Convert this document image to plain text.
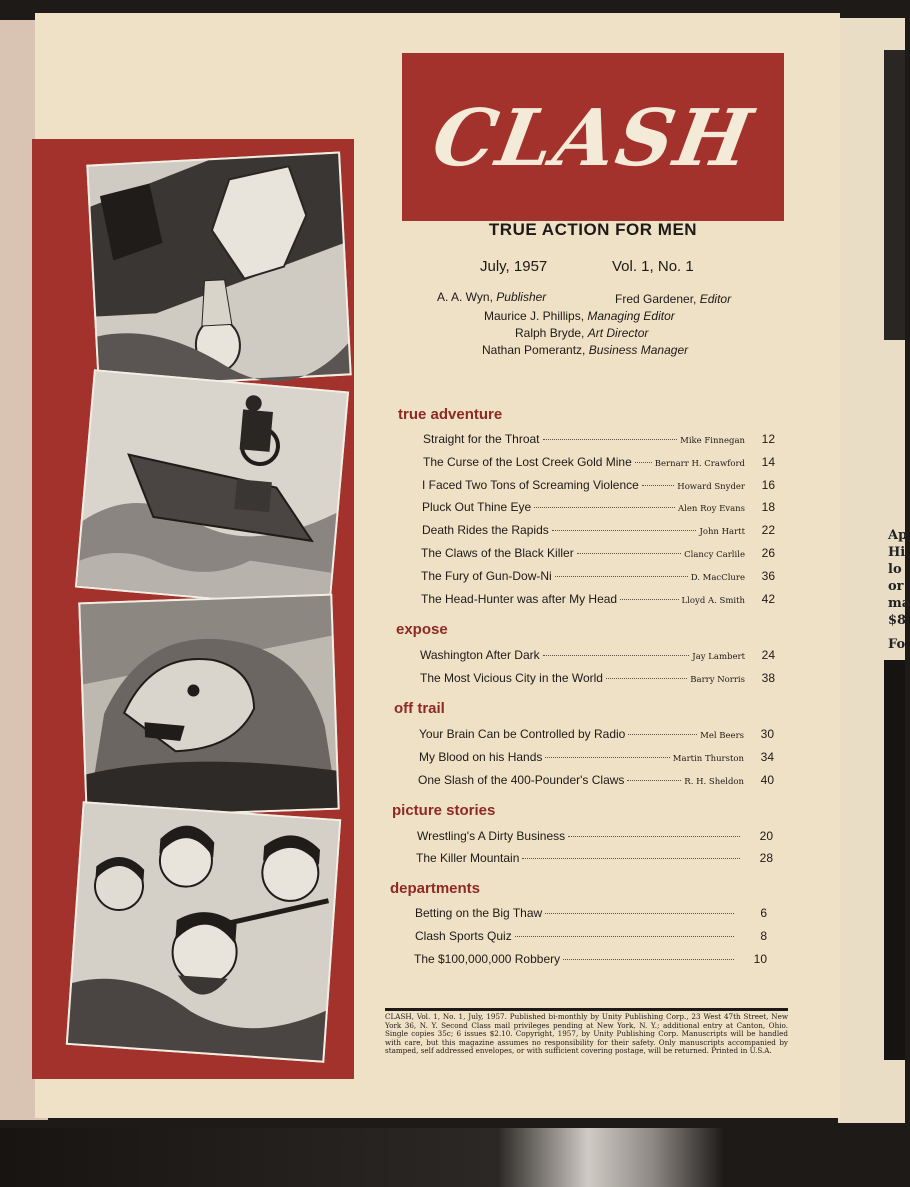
Ap
Hi
lo
or
ma
$8
Fo
CLASH
TRUE ACTION FOR MEN
July, 1957	Vol. 1, No. 1
A. A. Wyn, Publisher	Fred Gardener, Editor
Maurice J. Phillips, Managing Editor
Ralph Bryde, Art Director
Nathan Pomerantz, Business Manager
true adventure
Straight for the Throat	Mike Finnegan	12
The Curse of the Lost Creek Gold Mine	Bernarr H. Crawford	14
I Faced Two Tons of Screaming Violence	Howard Snyder	16
Pluck Out Thine Eye	Alen Roy Evans	18
Death Rides the Rapids	John Hartt	22
The Claws of the Black Killer	Clancy Carlile	26
The Fury of Gun-Dow-Ni	D. MacClure	36
The Head-Hunter was after My Head	Lloyd A. Smith	42
expose
Washington After Dark	Jay Lambert	24
The Most Vicious City in the World	Barry Norris	38
off trail
Your Brain Can be Controlled by Radio	Mel Beers	30
My Blood on his Hands	Martin Thurston	34
One Slash of the 400-Pounder's Claws	R. H. Sheldon	40
picture stories
Wrestling's A Dirty Business	20
The Killer Mountain	28
departments
Betting on the Big Thaw	6
Clash Sports Quiz	8
The $100,000,000 Robbery	10
CLASH, Vol. 1, No. 1, July, 1957. Published bi-monthly by Unity Publishing Corp., 23 West 47th Street, New York 36, N. Y. Second Class mail privileges pending at New York, N. Y.; additional entry at Canton, Ohio. Single copies 35c; 6 issues $2.10. Copyright, 1957, by Unity Publishing Corp. Manuscripts will be handled with care, but this magazine assumes no responsibility for their safety. Only manuscripts accompanied by stamped, self addressed envelopes, or with sufficient covering postage, will be returned. Printed in U.S.A.
